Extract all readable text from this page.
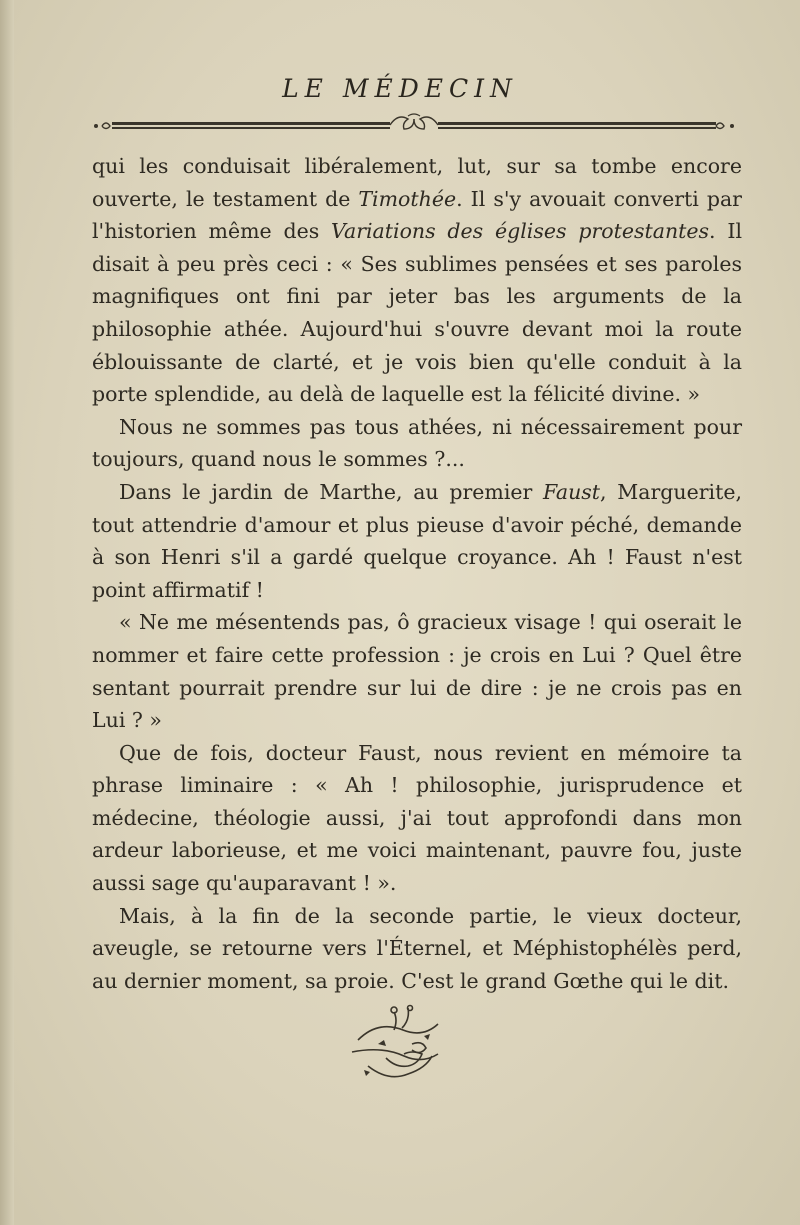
LE MÉDECIN

qui les conduisait libéralement, lut, sur sa tombe encore ouverte, le testament de Timothée. Il s'y avouait converti par l'historien même des Variations des églises protestantes. Il disait à peu près ceci : « Ses sublimes pensées et ses paroles magnifiques ont fini par jeter bas les arguments de la philosophie athée. Aujourd'hui s'ouvre devant moi la route éblouissante de clarté, et je vois bien qu'elle conduit à la porte splendide, au delà de laquelle est la félicité divine. »

Nous ne sommes pas tous athées, ni nécessairement pour toujours, quand nous le sommes ?...

Dans le jardin de Marthe, au premier Faust, Marguerite, tout attendrie d'amour et plus pieuse d'avoir péché, demande à son Henri s'il a gardé quelque croyance. Ah ! Faust n'est point affirmatif !

« Ne me mésentends pas, ô gracieux visage ! qui oserait le nommer et faire cette profession : je crois en Lui ? Quel être sentant pourrait prendre sur lui de dire : je ne crois pas en Lui ? »

Que de fois, docteur Faust, nous revient en mémoire ta phrase liminaire : « Ah ! philosophie, jurisprudence et médecine, théologie aussi, j'ai tout approfondi dans mon ardeur laborieuse, et me voici maintenant, pauvre fou, juste aussi sage qu'auparavant ! ».

Mais, à la fin de la seconde partie, le vieux docteur, aveugle, se retourne vers l'Éternel, et Méphistophélès perd, au dernier moment, sa proie. C'est le grand Gœthe qui le dit.
